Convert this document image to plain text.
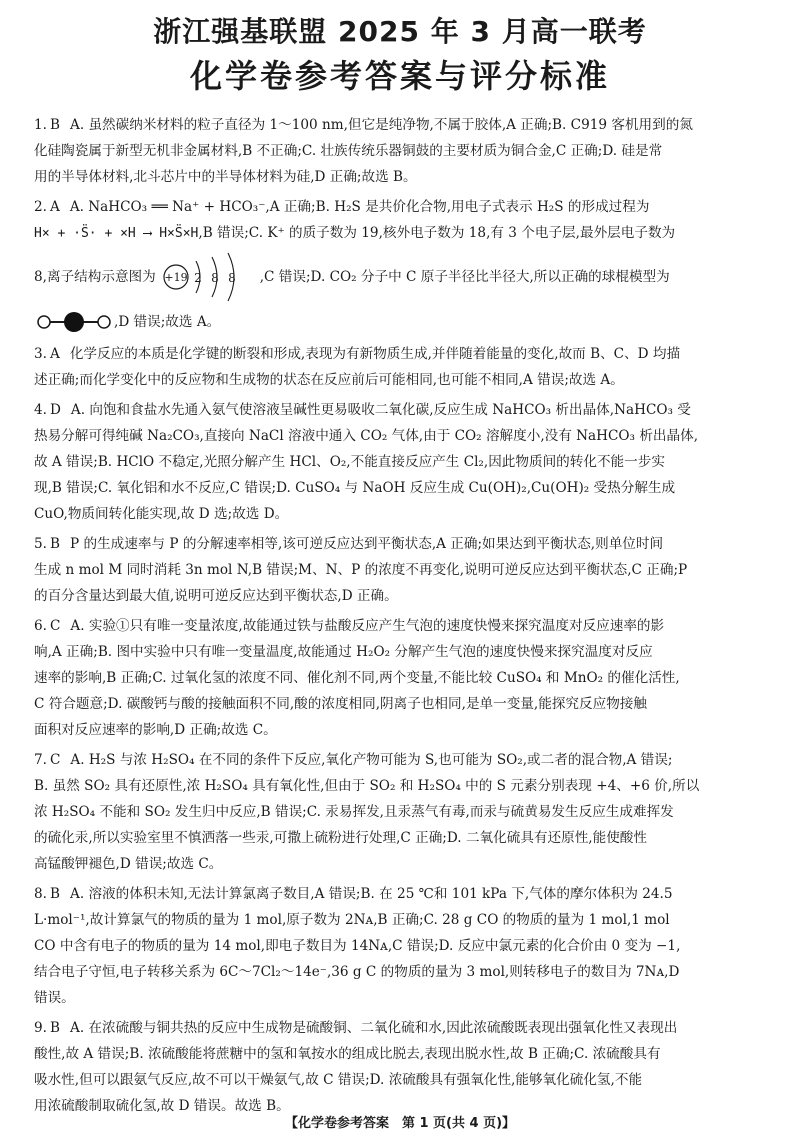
浙江强基联盟 2025 年 3 月高一联考
化学卷参考答案与评分标准
1. B A. 虽然碳纳米材料的粒子直径为 1～100 nm,但它是纯净物,不属于胶体,A 正确;B. C919 客机用到的氮
化硅陶瓷属于新型无机非金属材料,B 不正确;C. 壮族传统乐器铜鼓的主要材质为铜合金,C 正确;D. 硅是常
用的半导体材料,北斗芯片中的半导体材料为硅,D 正确;故选 B。
2. A A. NaHCO₃ ══ Na⁺ + HCO₃⁻,A 正确;B. H₂S 是共价化合物,用电子式表示 H₂S 的形成过程为
H× + ·S̈· + ×H ⟶ H×S̈×H,B 错误;C. K⁺ 的质子数为 19,核外电子数为 18,有 3 个电子层,最外层电子数为
8,离子结构示意图为 +19 2 8 8 ,C 错误;D. CO₂ 分子中 C 原子半径比半径大,所以正确的球棍模型为
,D 错误;故选 A。
3. A 化学反应的本质是化学键的断裂和形成,表现为有新物质生成,并伴随着能量的变化,故而 B、C、D 均描
述正确;而化学变化中的反应物和生成物的状态在反应前后可能相同,也可能不相同,A 错误;故选 A。
4. D A. 向饱和食盐水先通入氨气使溶液呈碱性更易吸收二氧化碳,反应生成 NaHCO₃ 析出晶体,NaHCO₃ 受
热易分解可得纯碱 Na₂CO₃,直接向 NaCl 溶液中通入 CO₂ 气体,由于 CO₂ 溶解度小,没有 NaHCO₃ 析出晶体,
故 A 错误;B. HClO 不稳定,光照分解产生 HCl、O₂,不能直接反应产生 Cl₂,因此物质间的转化不能一步实
现,B 错误;C. 氧化铝和水不反应,C 错误;D. CuSO₄ 与 NaOH 反应生成 Cu(OH)₂,Cu(OH)₂ 受热分解生成
CuO,物质间转化能实现,故 D 选;故选 D。
5. B P 的生成速率与 P 的分解速率相等,该可逆反应达到平衡状态,A 正确;如果达到平衡状态,则单位时间
生成 n mol M 同时消耗 3n mol N,B 错误;M、N、P 的浓度不再变化,说明可逆反应达到平衡状态,C 正确;P
的百分含量达到最大值,说明可逆反应达到平衡状态,D 正确。
6. C A. 实验①只有唯一变量浓度,故能通过铁与盐酸反应产生气泡的速度快慢来探究温度对反应速率的影
响,A 正确;B. 图中实验中只有唯一变量温度,故能通过 H₂O₂ 分解产生气泡的速度快慢来探究温度对反应
速率的影响,B 正确;C. 过氧化氢的浓度不同、催化剂不同,两个变量,不能比较 CuSO₄ 和 MnO₂ 的催化活性,
C 符合题意;D. 碳酸钙与酸的接触面积不同,酸的浓度相同,阴离子也相同,是单一变量,能探究反应物接触
面积对反应速率的影响,D 正确;故选 C。
7. C A. H₂S 与浓 H₂SO₄ 在不同的条件下反应,氧化产物可能为 S,也可能为 SO₂,或二者的混合物,A 错误;
B. 虽然 SO₂ 具有还原性,浓 H₂SO₄ 具有氧化性,但由于 SO₂ 和 H₂SO₄ 中的 S 元素分别表现 +4、+6 价,所以
浓 H₂SO₄ 不能和 SO₂ 发生归中反应,B 错误;C. 汞易挥发,且汞蒸气有毒,而汞与硫黄易发生反应生成难挥发
的硫化汞,所以实验室里不慎洒落一些汞,可撒上硫粉进行处理,C 正确;D. 二氧化硫具有还原性,能使酸性
高锰酸钾褪色,D 错误;故选 C。
8. B A. 溶液的体积未知,无法计算氯离子数目,A 错误;B. 在 25 ℃和 101 kPa 下,气体的摩尔体积为 24.5
L·mol⁻¹,故计算氯气的物质的量为 1 mol,原子数为 2Nᴀ,B 正确;C. 28 g CO 的物质的量为 1 mol,1 mol
CO 中含有电子的物质的量为 14 mol,即电子数目为 14Nᴀ,C 错误;D. 反应中氯元素的化合价由 0 变为 −1,
结合电子守恒,电子转移关系为 6C～7Cl₂～14e⁻,36 g C 的物质的量为 3 mol,则转移电子的数目为 7Nᴀ,D
错误。
9. B A. 在浓硫酸与铜共热的反应中生成物是硫酸铜、二氧化硫和水,因此浓硫酸既表现出强氧化性又表现出
酸性,故 A 错误;B. 浓硫酸能将蔗糖中的氢和氧按水的组成比脱去,表现出脱水性,故 B 正确;C. 浓硫酸具有
吸水性,但可以跟氨气反应,故不可以干燥氨气,故 C 错误;D. 浓硫酸具有强氧化性,能够氧化硫化氢,不能
用浓硫酸制取硫化氢,故 D 错误。故选 B。
【化学卷参考答案　第 1 页(共 4 页)】
